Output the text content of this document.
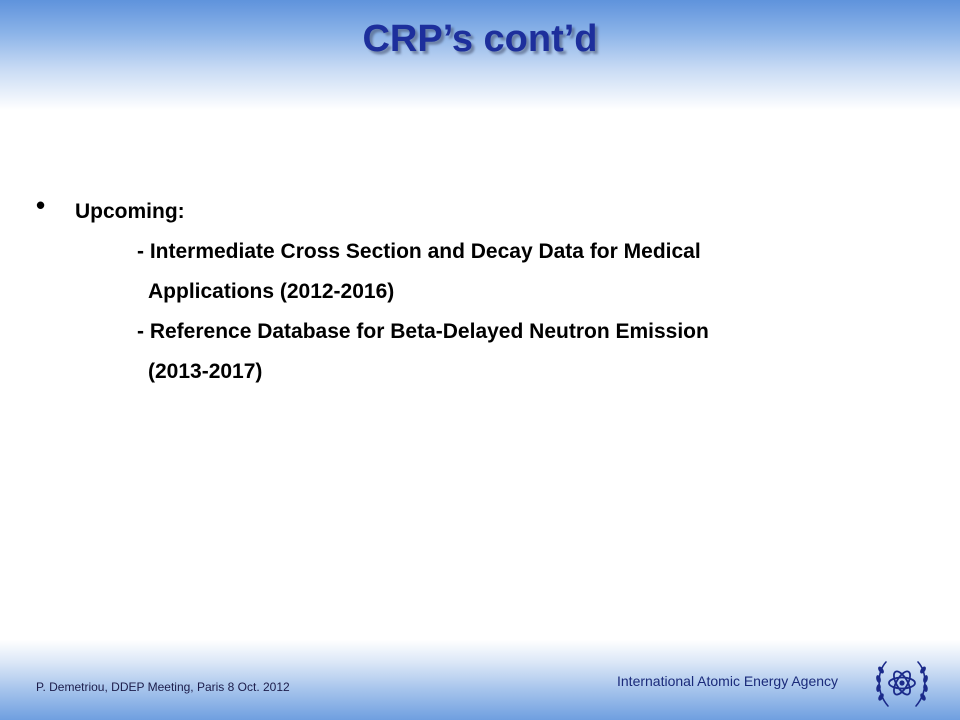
CRP’s cont’d
• Upcoming:
- Intermediate Cross Section and Decay Data for Medical
Applications (2012-2016)
- Reference Database for Beta-Delayed Neutron Emission
(2013-2017)
P. Demetriou, DDEP Meeting, Paris 8 Oct. 2012	International Atomic Energy Agency
